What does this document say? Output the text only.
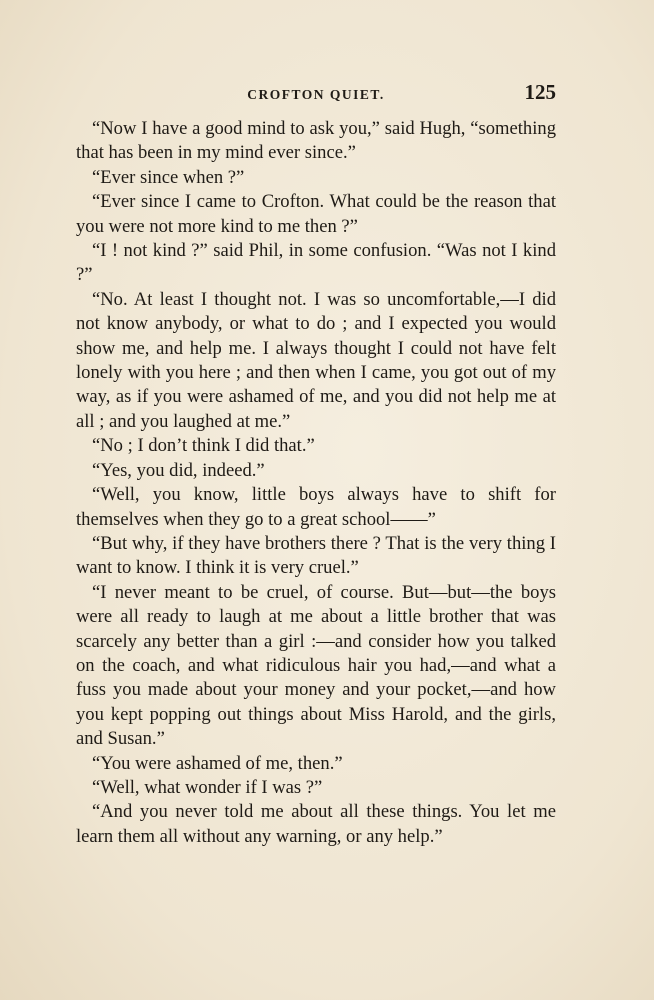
CROFTON QUIET.	125

“Now I have a good mind to ask you,” said Hugh, “something that has been in my mind ever since.”

“Ever since when ?”

“Ever since I came to Crofton. What could be the reason that you were not more kind to me then ?”

“I ! not kind ?” said Phil, in some confusion. “Was not I kind ?”

“No. At least I thought not. I was so uncomfortable,—I did not know anybody, or what to do ; and I expected you would show me, and help me. I always thought I could not have felt lonely with you here ; and then when I came, you got out of my way, as if you were ashamed of me, and you did not help me at all ; and you laughed at me.”

“No ; I don’t think I did that.”

“Yes, you did, indeed.”

“Well, you know, little boys always have to shift for themselves when they go to a great school——”

“But why, if they have brothers there ? That is the very thing I want to know. I think it is very cruel.”

“I never meant to be cruel, of course. But—but—the boys were all ready to laugh at me about a little brother that was scarcely any better than a girl :—and consider how you talked on the coach, and what ridiculous hair you had,—and what a fuss you made about your money and your pocket,—and how you kept popping out things about Miss Harold, and the girls, and Susan.”

“You were ashamed of me, then.”

“Well, what wonder if I was ?”

“And you never told me about all these things. You let me learn them all without any warning, or any help.”
